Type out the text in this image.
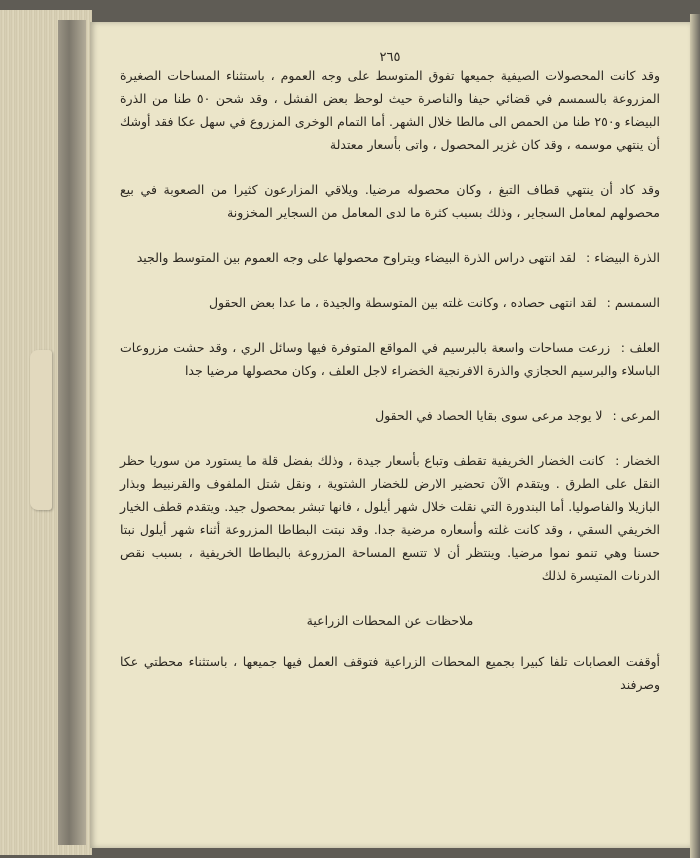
٢٦٥

وقد كانت المحصولات الصيفية جميعها تفوق المتوسط على وجه العموم ، باستثناء المساحات الصغيرة المزروعة بالسمسم في قضائي حيفا والناصرة حيث لوحظ بعض الفشل ، وقد شحن ٥٠ طنا من الذرة البيضاء و٢٥٠ طنا من الحمص الى مالطا خلال الشهر. أما التمام الوخرى المزروع في سهل عكا فقد أوشك أن ينتهي موسمه ، وقد كان غزير المحصول ، واتى بأسعار معتدلة

وقد كاد أن ينتهي قطاف التبغ ، وكان محصوله مرضيا. ويلاقي المزارعون كثيرا من الصعوبة في بيع محصولهم لمعامل السجاير ، وذلك بسبب كثرة ما لدى المعامل من السجاير المخزونة

الذرة البيضاء : لقد انتهى دراس الذرة البيضاء ويتراوح محصولها على وجه العموم بين المتوسط والجيد

السمسم : لقد انتهى حصاده ، وكانت غلته بين المتوسطة والجيدة ، ما عدا بعض الحقول

العلف : زرعت مساحات واسعة بالبرسيم في المواقع المتوفرة فيها وسائل الري ، وقد حشت مزروعات الباسلاء والبرسيم الحجازي والذرة الافرنجية الخضراء لاجل العلف ، وكان محصولها مرضيا جدا

المرعى : لا يوجد مرعى سوى بقايا الحصاد في الحقول

الخضار : كانت الخضار الخريفية تقطف وتباع بأسعار جيدة ، وذلك بفضل قلة ما يستورد من سوريا حظر النقل على الطرق . ويتقدم الآن تحضير الارض للخضار الشتوية ، ونقل شتل الملفوف والقرنبيط وبذار البازيلا والفاصوليا. أما البندورة التي نقلت خلال شهر أيلول ، فانها تبشر بمحصول جيد. ويتقدم قطف الخيار الخريفي السقي ، وقد كانت غلته وأسعاره مرضية جدا. وقد نبتت البطاطا المزروعة أثناء شهر أيلول نبتا حسنا وهي تنمو نموا مرضيا. وينتظر أن لا تتسع المساحة المزروعة بالبطاطا الخريفية ، بسبب نقص الدرنات المتيسرة لذلك

ملاحظات عن المحطات الزراعية

أوقفت العصابات تلفا كبيرا بجميع المحطات الزراعية فتوقف العمل فيها جميعها ، باستثناء محطتي عكا وصرفند
